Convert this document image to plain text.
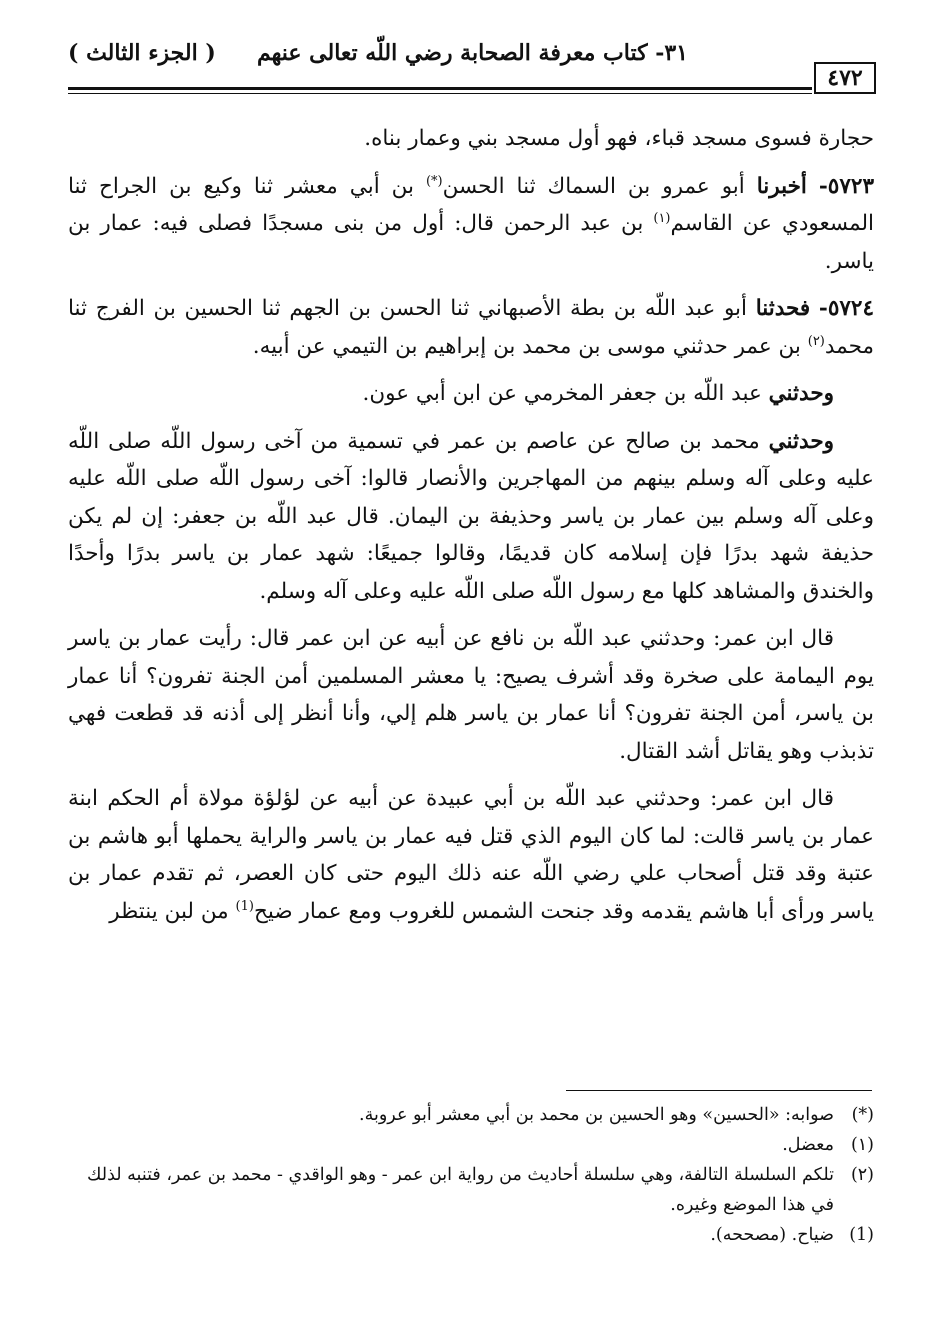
( الجزء الثالث ) ٣١- كتاب معرفة الصحابة رضي اللّه تعالى عنهم
٤٧٢

حجارة فسوى مسجد قباء، فهو أول مسجد بني وعمار بناه.

٥٧٢٣- أخبرنا أبو عمرو بن السماك ثنا الحسن(*) بن أبي معشر ثنا وكيع بن الجراح ثنا المسعودي عن القاسم$^{(١)}$ بن عبد الرحمن قال: أول من بنى مسجدًا فصلى فيه: عمار بن ياسر.

٥٧٢٤- فحدثنا أبو عبد اللّه بن بطة الأصبهاني ثنا الحسن بن الجهم ثنا الحسين بن الفرج ثنا محمد$^{(٢)}$ بن عمر حدثني موسى بن محمد بن إبراهيم بن التيمي عن أبيه.

وحدثني عبد اللّه بن جعفر المخرمي عن ابن أبي عون.

وحدثني محمد بن صالح عن عاصم بن عمر في تسمية من آخى رسول اللّه صلى اللّه عليه وعلى آله وسلم بينهم من المهاجرين والأنصار قالوا: آخى رسول اللّه صلى اللّه عليه وعلى آله وسلم بين عمار بن ياسر وحذيفة بن اليمان. قال عبد اللّه بن جعفر: إن لم يكن حذيفة شهد بدرًا فإن إسلامه كان قديمًا، وقالوا جميعًا: شهد عمار بن ياسر بدرًا وأحدًا والخندق والمشاهد كلها مع رسول اللّه صلى اللّه عليه وعلى آله وسلم.

قال ابن عمر: وحدثني عبد اللّه بن نافع عن أبيه عن ابن عمر قال: رأيت عمار بن ياسر يوم اليمامة على صخرة وقد أشرف يصيح: يا معشر المسلمين أمن الجنة تفرون؟ أنا عمار بن ياسر، أمن الجنة تفرون؟ أنا عمار بن ياسر هلم إلي، وأنا أنظر إلى أذنه قد قطعت فهي تذبذب وهو يقاتل أشد القتال.

قال ابن عمر: وحدثني عبد اللّه بن أبي عبيدة عن أبيه عن لؤلؤة مولاة أم الحكم ابنة عمار بن ياسر قالت: لما كان اليوم الذي قتل فيه عمار بن ياسر والراية يحملها أبو هاشم بن عتبة وقد قتل أصحاب علي رضي اللّه عنه ذلك اليوم حتى كان العصر، ثم تقدم عمار بن ياسر ورأى أبا هاشم يقدمه وقد جنحت الشمس للغروب ومع عمار ضيح$^{(1)}$ من لبن ينتظر

(*)
صوابه: «الحسين» وهو الحسين بن محمد بن أبي معشر أبو عروبة.
(١)
معضل.
(٢)
تلكم السلسلة التالفة، وهي سلسلة أحاديث من رواية ابن عمر - وهو الواقدي - محمد بن عمر، فتنبه لذلك في هذا الموضع وغيره.
(1)
ضياح. (مصححه).
